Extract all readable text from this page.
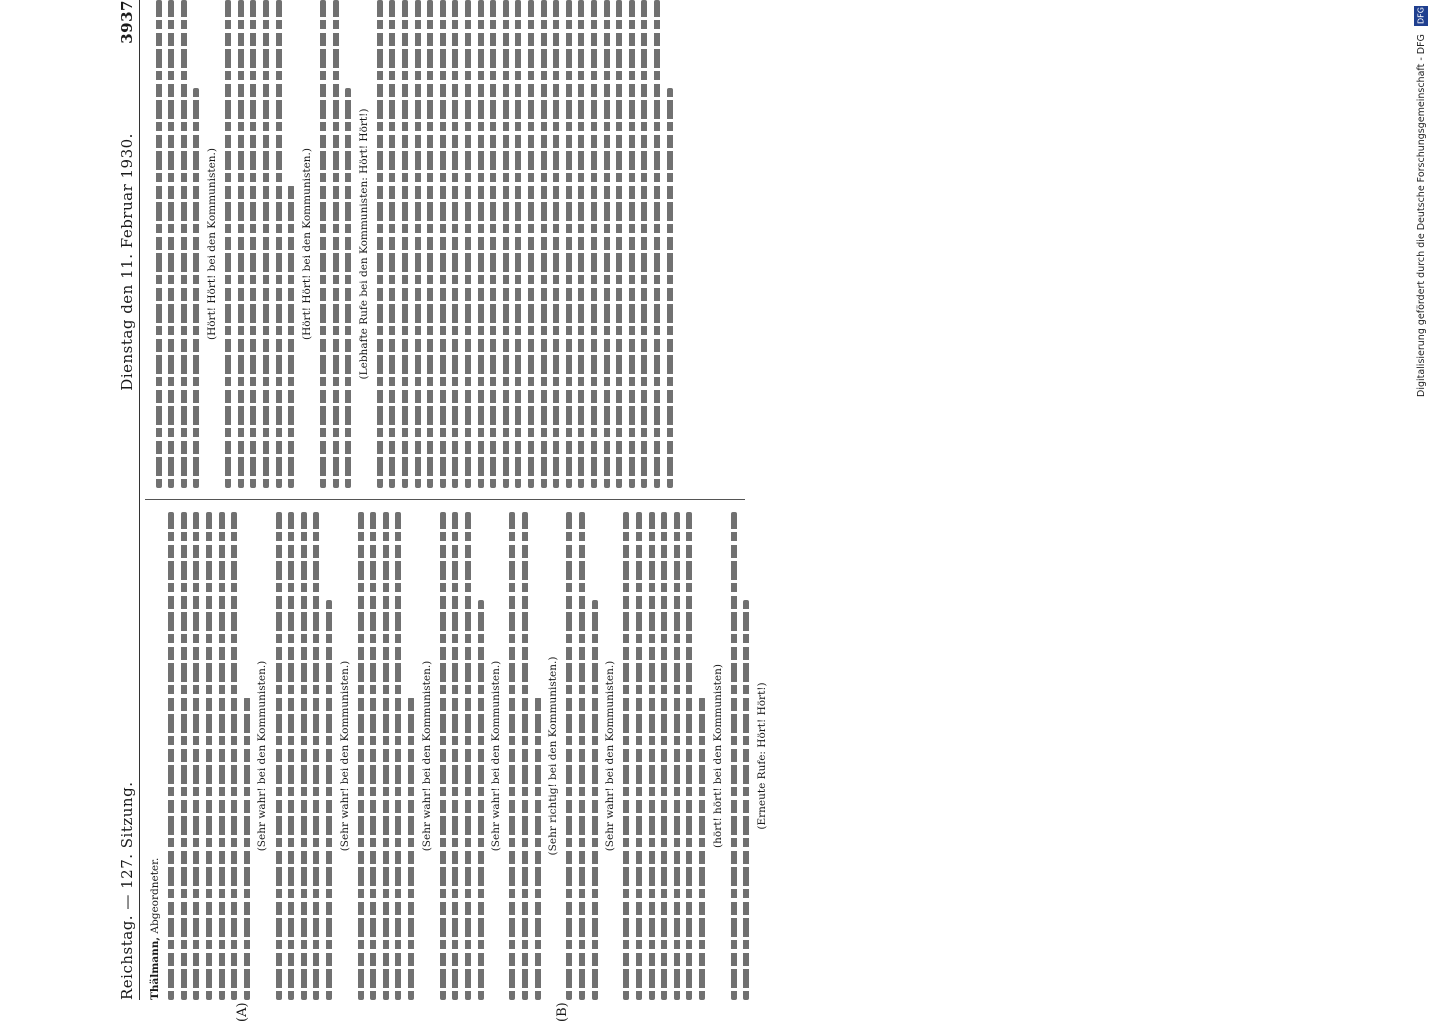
Reichstag. — 127. Sitzung.
Dienstag den 11. Februar 1930.
3937
Thälmann, Abgeordneter.
(Sehr wahr! bei den Kommunisten.)	(Sehr wahr! bei den Kommunisten.)	(Sehr wahr! bei den Kommunisten.)	(Sehr wahr! bei den Kommunisten.)	(Sehr richtig! bei den Kommunisten.)	(Sehr wahr! bei den Kommunisten.)	(hört! hört! bei den Kommunisten)	(Erneute Rufe: Hört! Hört!)
(Hört! Hört! bei den Kommunisten.)	(Hört! Hört! bei den Kommunisten.)	(Lebhafte Rufe bei den Kommunisten: Hört! Hört!)
(A)	(B)
DFG
Digitalisierung gefördert durch die Deutsche Forschungsgemeinschaft - DFG
